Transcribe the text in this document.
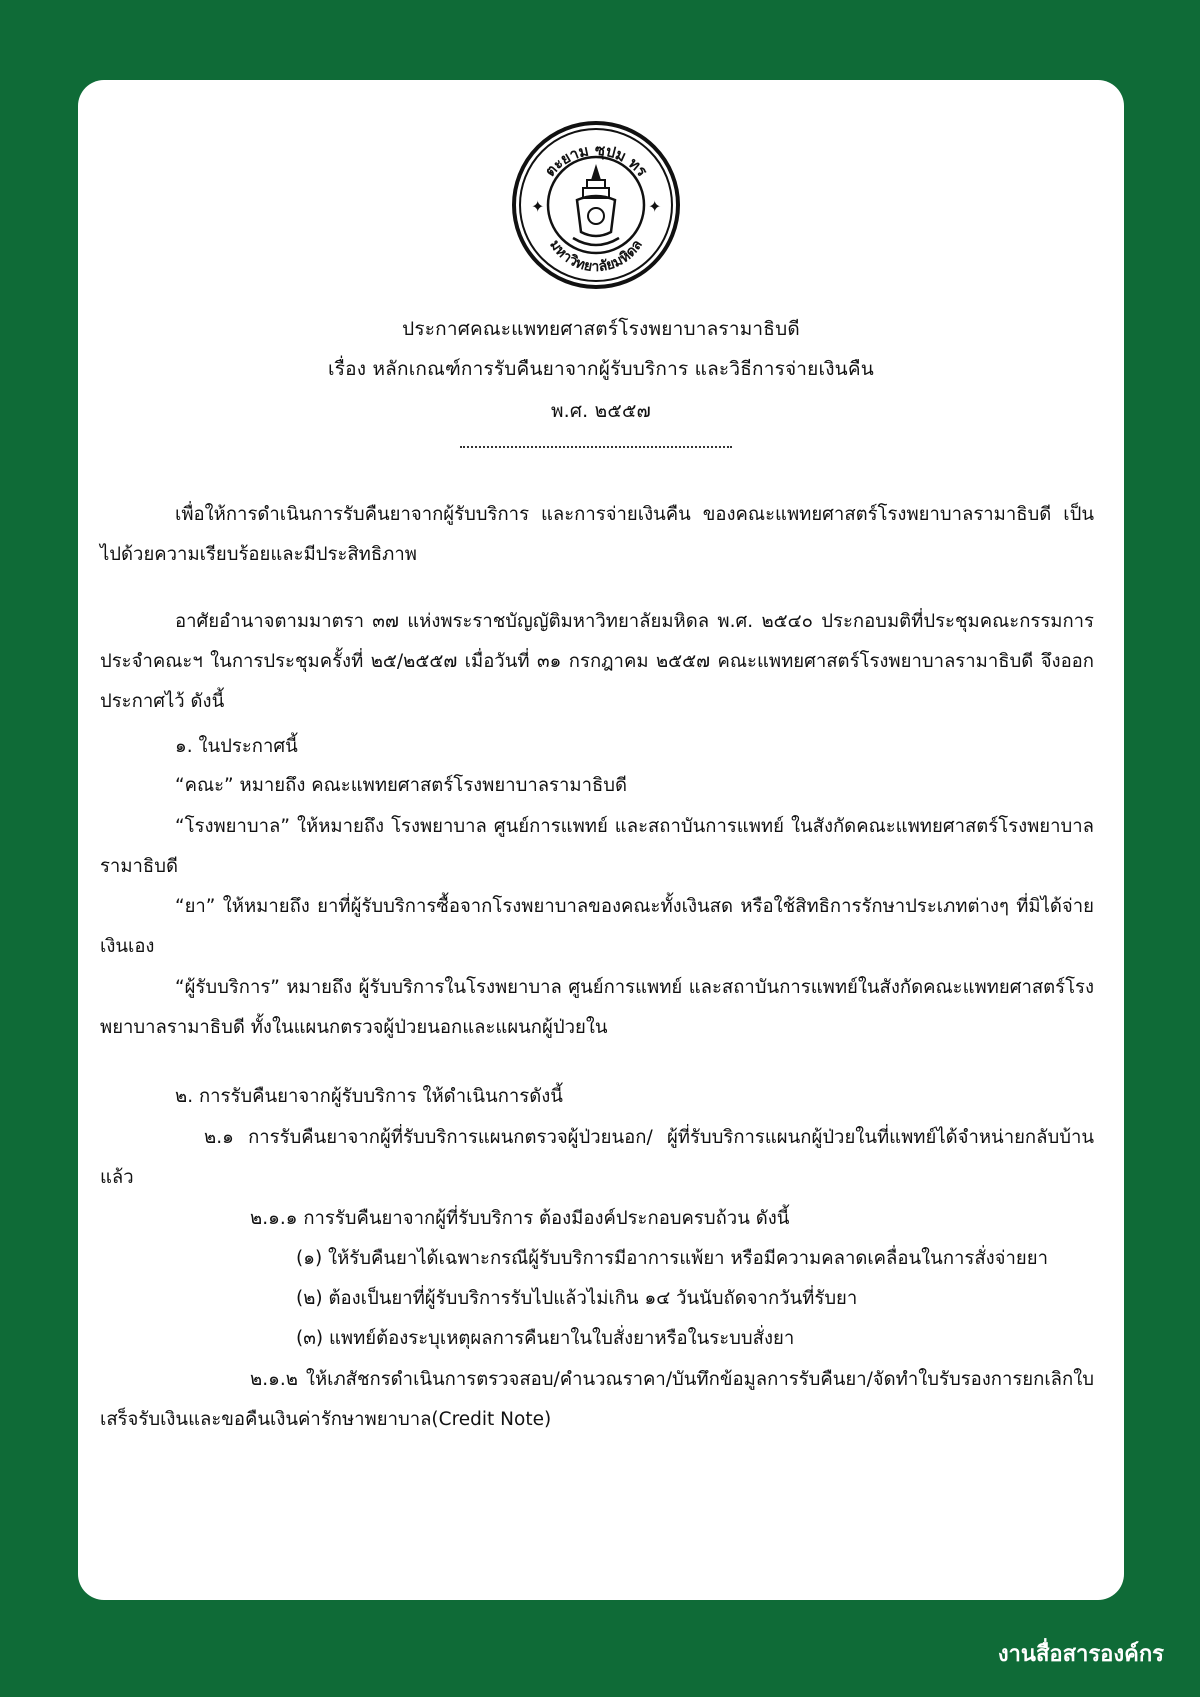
ตะยาม ซุปม ทร
มหาวิทยาลัยมหิดล
✦	✦
ประกาศคณะแพทยศาสตร์โรงพยาบาลรามาธิบดี
เรื่อง หลักเกณฑ์การรับคืนยาจากผู้รับบริการ และวิธีการจ่ายเงินคืน
พ.ศ. ๒๕๕๗
เพื่อให้การดำเนินการรับคืนยาจากผู้รับบริการ และการจ่ายเงินคืน ของคณะแพทยศาสตร์โรงพยาบาลรามาธิบดี เป็นไปด้วยความเรียบร้อยและมีประสิทธิภาพ
อาศัยอำนาจตามมาตรา ๓๗ แห่งพระราชบัญญัติมหาวิทยาลัยมหิดล พ.ศ. ๒๕๔๐ ประกอบมติที่ประชุมคณะกรรมการประจำคณะฯ ในการประชุมครั้งที่ ๒๕/๒๕๕๗ เมื่อวันที่ ๓๑ กรกฎาคม ๒๕๕๗ คณะแพทยศาสตร์โรงพยาบาลรามาธิบดี จึงออกประกาศไว้ ดังนี้
๑. ในประกาศนี้
“คณะ” หมายถึง คณะแพทยศาสตร์โรงพยาบาลรามาธิบดี
“โรงพยาบาล” ให้หมายถึง โรงพยาบาล ศูนย์การแพทย์ และสถาบันการแพทย์ ในสังกัดคณะแพทยศาสตร์โรงพยาบาลรามาธิบดี
“ยา” ให้หมายถึง ยาที่ผู้รับบริการซื้อจากโรงพยาบาลของคณะทั้งเงินสด หรือใช้สิทธิการรักษาประเภทต่างๆ ที่มิได้จ่ายเงินเอง
“ผู้รับบริการ” หมายถึง ผู้รับบริการในโรงพยาบาล ศูนย์การแพทย์ และสถาบันการแพทย์ในสังกัดคณะแพทยศาสตร์โรงพยาบาลรามาธิบดี ทั้งในแผนกตรวจผู้ป่วยนอกและแผนกผู้ป่วยใน
๒. การรับคืนยาจากผู้รับบริการ ให้ดำเนินการดังนี้
๒.๑ การรับคืนยาจากผู้ที่รับบริการแผนกตรวจผู้ป่วยนอก/ ผู้ที่รับบริการแผนกผู้ป่วยในที่แพทย์ได้จำหน่ายกลับบ้านแล้ว
๒.๑.๑ การรับคืนยาจากผู้ที่รับบริการ ต้องมีองค์ประกอบครบถ้วน ดังนี้
(๑) ให้รับคืนยาได้เฉพาะกรณีผู้รับบริการมีอาการแพ้ยา หรือมีความคลาดเคลื่อนในการสั่งจ่ายยา
(๒) ต้องเป็นยาที่ผู้รับบริการรับไปแล้วไม่เกิน ๑๔ วันนับถัดจากวันที่รับยา
(๓) แพทย์ต้องระบุเหตุผลการคืนยาในใบสั่งยาหรือในระบบสั่งยา
๒.๑.๒ ให้เภสัชกรดำเนินการตรวจสอบ/คำนวณราคา/บันทึกข้อมูลการรับคืนยา/จัดทำใบรับรองการยกเลิกใบเสร็จรับเงินและขอคืนเงินค่ารักษาพยาบาล(Credit Note)
งานสื่อสารองค์กร
